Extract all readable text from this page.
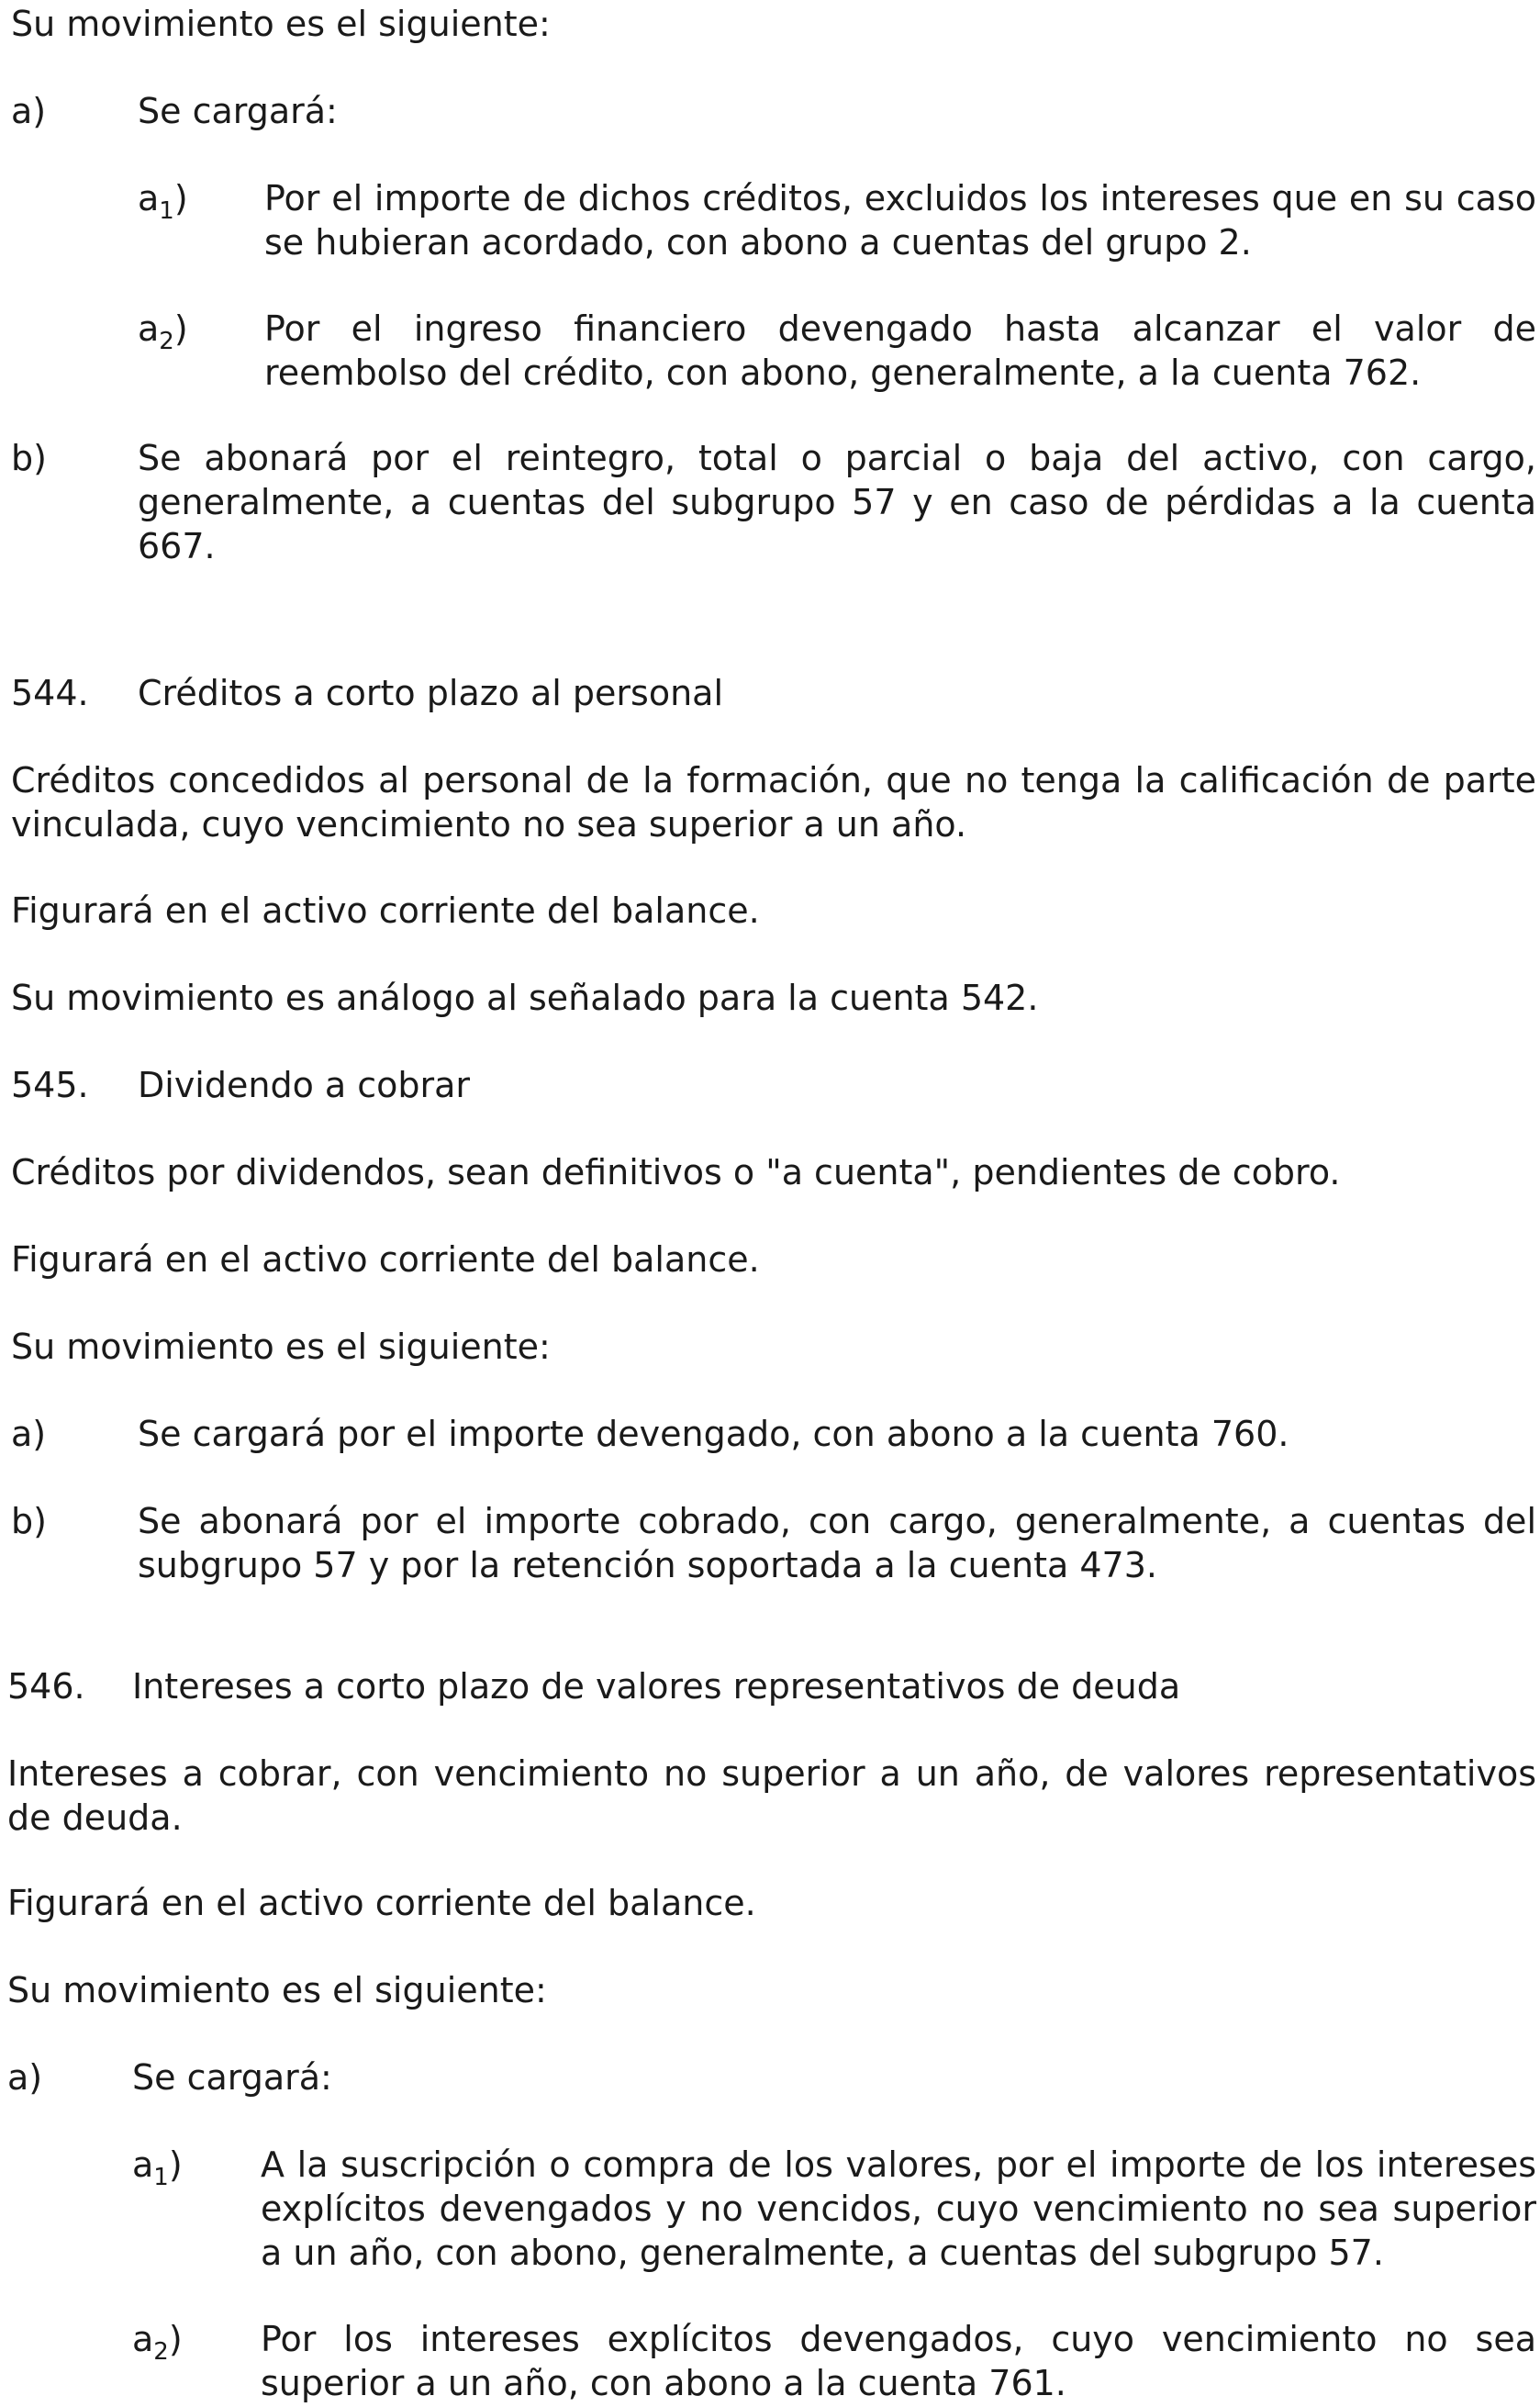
Su movimiento es el siguiente:

a)	Se cargará:
$a_1$) Por el importe de dichos créditos, excluidos los intereses que en su caso se hubieran acordado, con abono a cuentas del grupo 2.
$a_2$) Por el ingreso financiero devengado hasta alcanzar el valor de reembolso del crédito, con abono, generalmente, a la cuenta 762.
b)	Se abonará por el reintegro, total o parcial o baja del activo, con cargo, generalmente, a cuentas del subgrupo 57 y en caso de pérdidas a la cuenta 667.
544. Créditos a corto plazo al personal

Créditos concedidos al personal de la formación, que no tenga la calificación de parte vinculada, cuyo vencimiento no sea superior a un año.

Figurará en el activo corriente del balance.

Su movimiento es análogo al señalado para la cuenta 542.

545. Dividendo a cobrar

Créditos por dividendos, sean definitivos o "a cuenta", pendientes de cobro.

Figurará en el activo corriente del balance.

Su movimiento es el siguiente:

a)	Se cargará por el importe devengado, con abono a la cuenta 760.
b)	Se abonará por el importe cobrado, con cargo, generalmente, a cuentas del subgrupo 57 y por la retención soportada a la cuenta 473.
546. Intereses a corto plazo de valores representativos de deuda

Intereses a cobrar, con vencimiento no superior a un año, de valores representativos de deuda.

Figurará en el activo corriente del balance.

Su movimiento es el siguiente:

a)	Se cargará:
$a_1$) A la suscripción o compra de los valores, por el importe de los intereses explícitos devengados y no vencidos, cuyo vencimiento no sea superior a un año, con abono, generalmente, a cuentas del subgrupo 57.
$a_2$) Por los intereses explícitos devengados, cuyo vencimiento no sea superior a un año, con abono a la cuenta 761.
